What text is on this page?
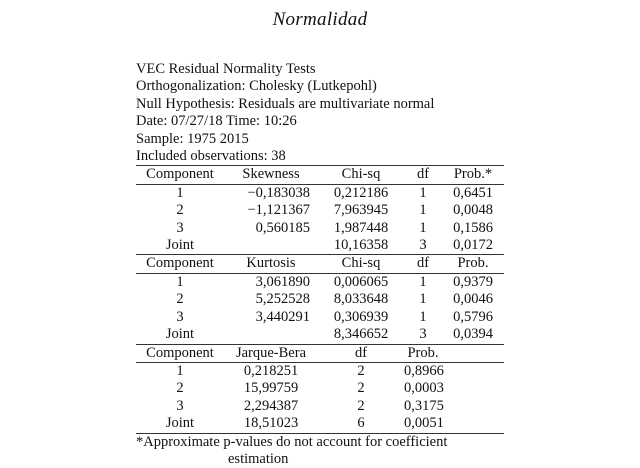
Normalidad
VEC Residual Normality Tests
Orthogonalization: Cholesky (Lutkepohl)
Null Hypothesis: Residuals are multivariate normal
Date: 07/27/18 Time: 10:26
Sample: 1975 2015
Included observations: 38
Component	Skewness	Chi-sq	df	Prob.*
1	−0,183038	0,212186	1	0,6451
2	−1,121367	7,963945	1	0,0048
3	0,560185	1,987448	1	0,1586
Joint		10,16358	3	0,0172
Component	Kurtosis	Chi-sq	df	Prob.
1	3,061890	0,006065	1	0,9379
2	5,252528	8,033648	1	0,0046
3	3,440291	0,306939	1	0,5796
Joint		8,346652	3	0,0394
Component	Jarque-Bera	df	Prob.	
1	0,218251	2	0,8966	
2	15,99759	2	0,0003	
3	2,294387	2	0,3175	
Joint	18,51023	6	0,0051	
*Approximate p-values do not account for coefficient
estimation
